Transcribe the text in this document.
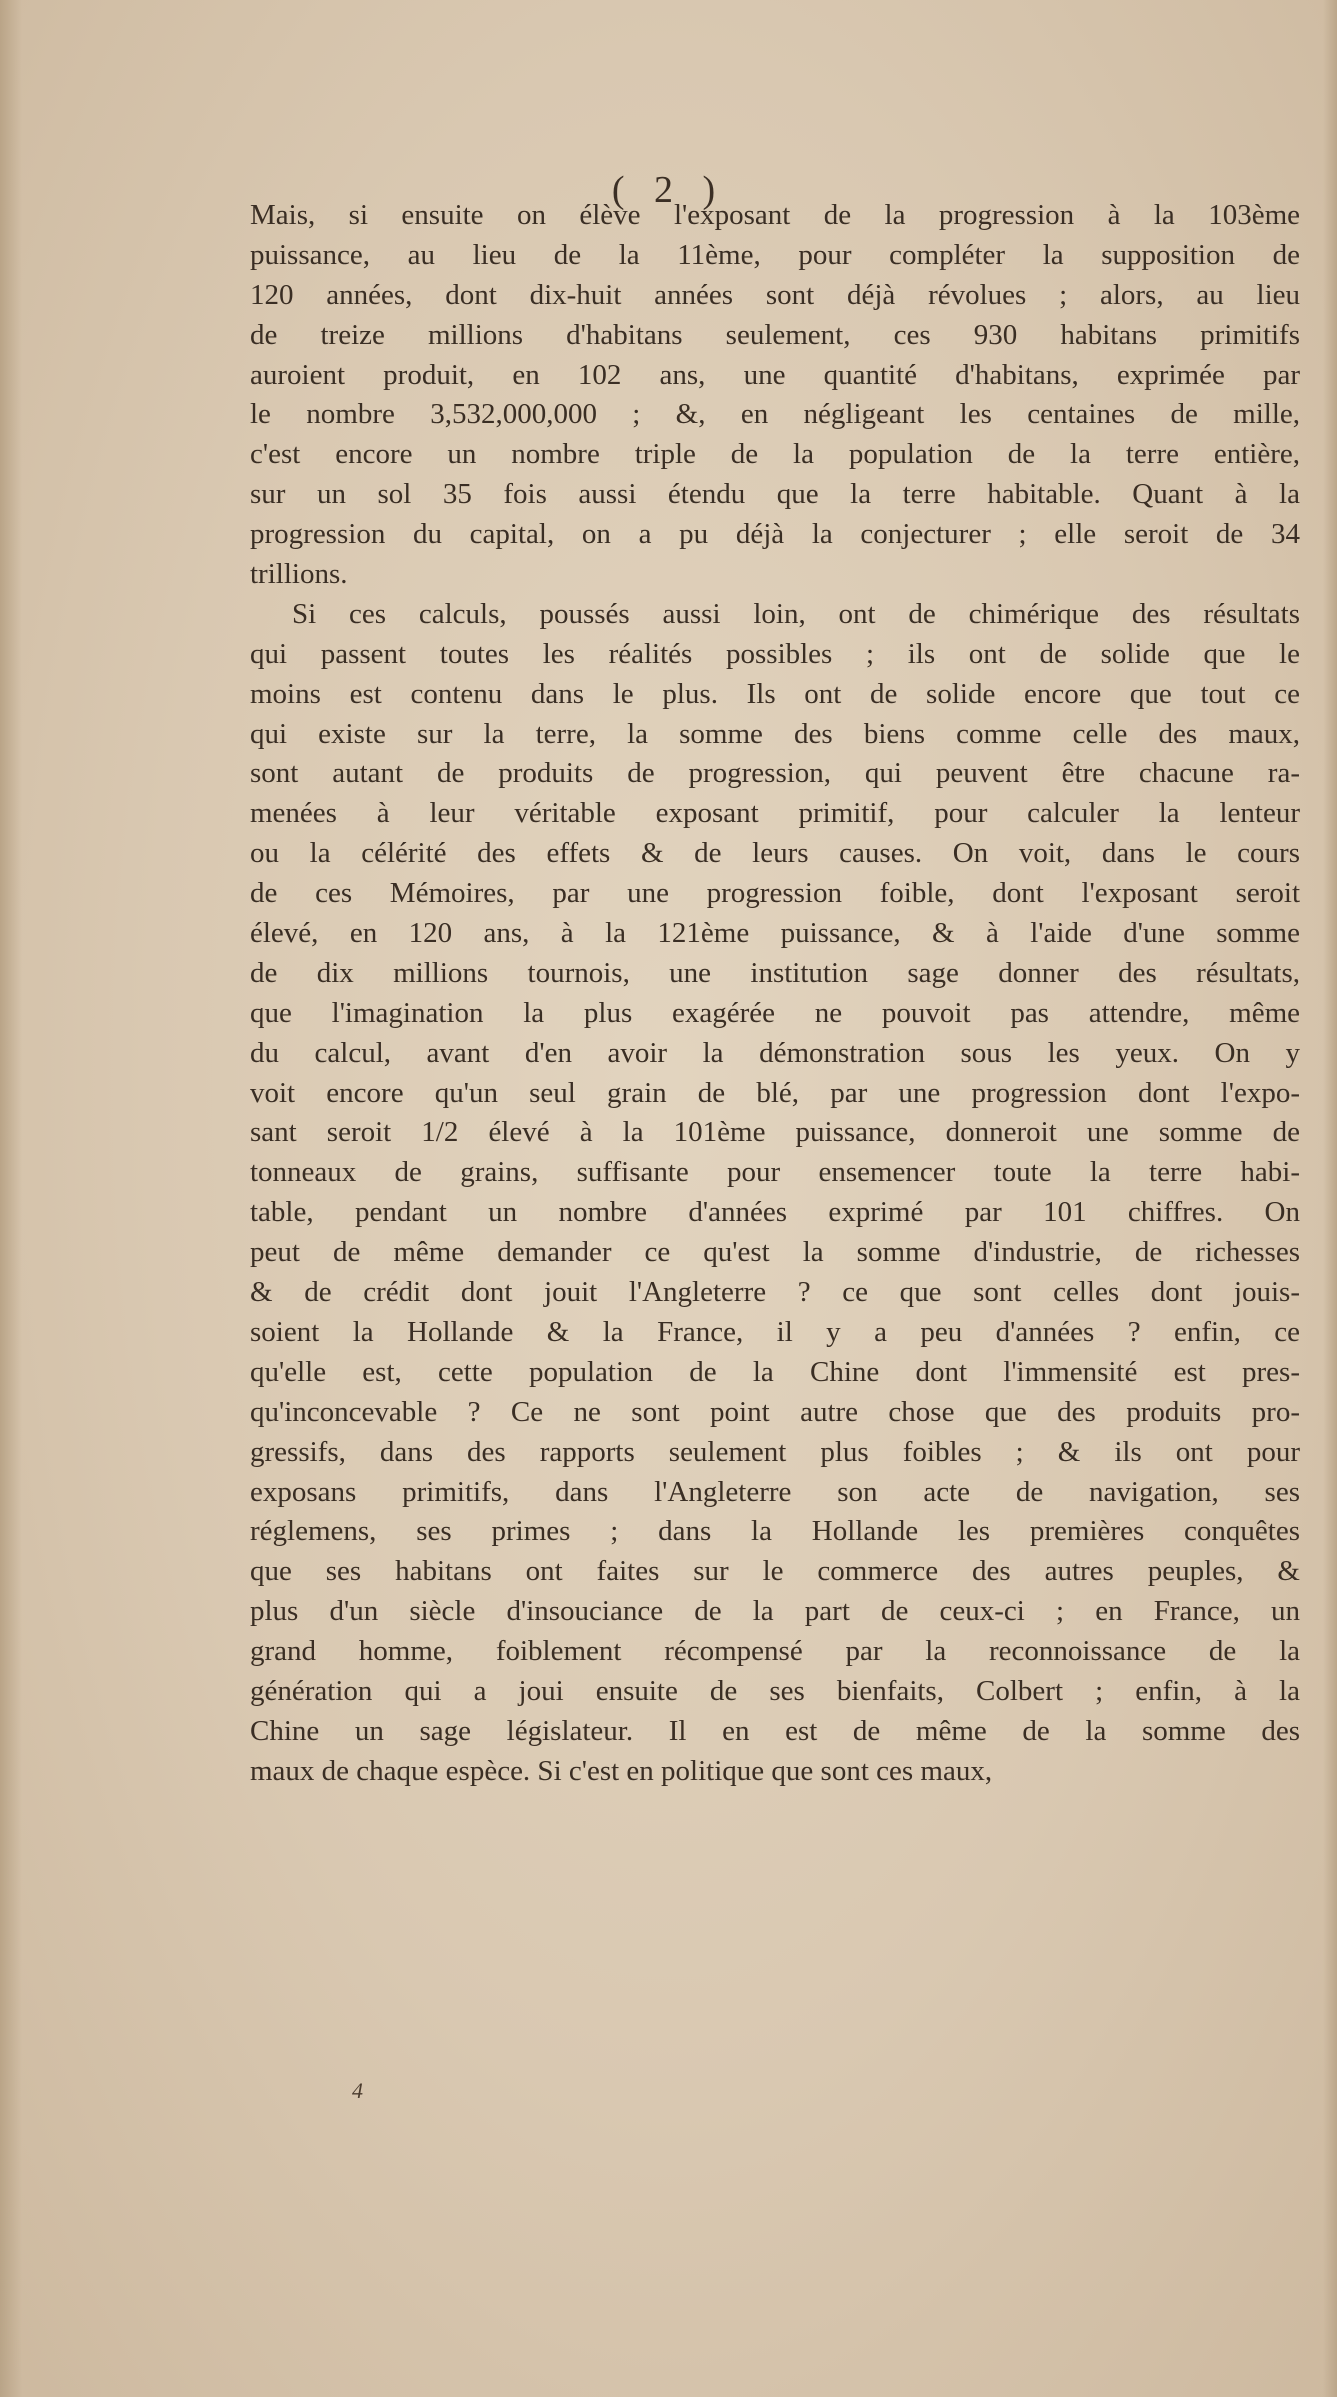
( 2 )
Mais, si ensuite on élève l'exposant de la progression à la 103ème
puissance, au lieu de la 11ème, pour compléter la supposition de
120 années, dont dix-huit années sont déjà révolues ; alors, au lieu
de treize millions d'habitans seulement, ces 930 habitans primitifs
auroient produit, en 102 ans, une quantité d'habitans, exprimée par
le nombre 3,532,000,000 ; &, en négligeant les centaines de mille,
c'est encore un nombre triple de la population de la terre entière,
sur un sol 35 fois aussi étendu que la terre habitable. Quant à la
progression du capital, on a pu déjà la conjecturer ; elle seroit de 34
trillions.
Si ces calculs, poussés aussi loin, ont de chimérique des résultats
qui passent toutes les réalités possibles ; ils ont de solide que le
moins est contenu dans le plus. Ils ont de solide encore que tout ce
qui existe sur la terre, la somme des biens comme celle des maux,
sont autant de produits de progression, qui peuvent être chacune ra-
menées à leur véritable exposant primitif, pour calculer la lenteur
ou la célérité des effets & de leurs causes. On voit, dans le cours
de ces Mémoires, par une progression foible, dont l'exposant seroit
élevé, en 120 ans, à la 121ème puissance, & à l'aide d'une somme
de dix millions tournois, une institution sage donner des résultats,
que l'imagination la plus exagérée ne pouvoit pas attendre, même
du calcul, avant d'en avoir la démonstration sous les yeux. On y
voit encore qu'un seul grain de blé, par une progression dont l'expo-
sant seroit 1/2 élevé à la 101ème puissance, donneroit une somme de
tonneaux de grains, suffisante pour ensemencer toute la terre habi-
table, pendant un nombre d'années exprimé par 101 chiffres. On
peut de même demander ce qu'est la somme d'industrie, de richesses
& de crédit dont jouit l'Angleterre ? ce que sont celles dont jouis-
soient la Hollande & la France, il y a peu d'années ? enfin, ce
qu'elle est, cette population de la Chine dont l'immensité est pres-
qu'inconcevable ? Ce ne sont point autre chose que des produits pro-
gressifs, dans des rapports seulement plus foibles ; & ils ont pour
exposans primitifs, dans l'Angleterre son acte de navigation, ses
réglemens, ses primes ; dans la Hollande les premières conquêtes
que ses habitans ont faites sur le commerce des autres peuples, &
plus d'un siècle d'insouciance de la part de ceux-ci ; en France, un
grand homme, foiblement récompensé par la reconnoissance de la
génération qui a joui ensuite de ses bienfaits, Colbert ; enfin, à la
Chine un sage législateur. Il en est de même de la somme des
maux de chaque espèce. Si c'est en politique que sont ces maux,
4
